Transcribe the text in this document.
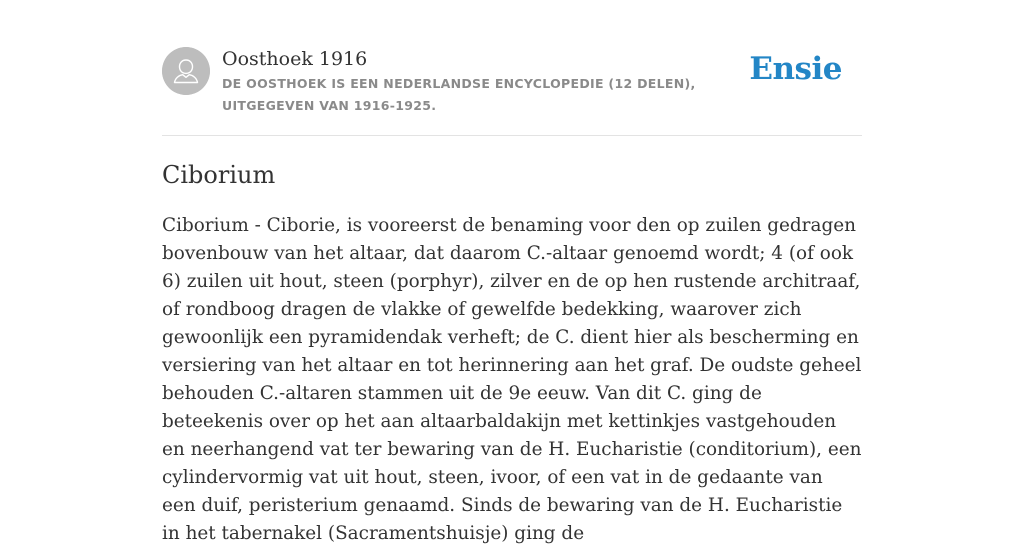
Oosthoek 1916
DE OOSTHOEK IS EEN NEDERLANDSE ENCYCLOPEDIE (12 DELEN), UITGEGEVEN VAN 1916-1925.
Ensie
Ciborium

Ciborium - Ciborie, is vooreerst de benaming voor den op zuilen gedragen bovenbouw van het altaar, dat daarom C.-altaar genoemd wordt; 4 (of ook 6) zuilen uit hout, steen (porphyr), zilver en de op hen rustende architraaf, of rondboog dragen de vlakke of gewelfde bedekking, waarover zich gewoonlijk een pyramidendak verheft; de C. dient hier als bescherming en versiering van het altaar en tot herinnering aan het graf. De oudste geheel behouden C.-altaren stammen uit de 9e eeuw. Van dit C. ging de beteekenis over op het aan altaarbaldakijn met kettinkjes vastgehouden en neerhangend vat ter bewaring van de H. Eucharistie (conditorium), een cylindervormig vat uit hout, steen, ivoor, of een vat in de gedaante van een duif, peristerium genaamd. Sinds de bewaring van de H. Eucharistie in het tabernakel (Sacramentshuisje) ging de
